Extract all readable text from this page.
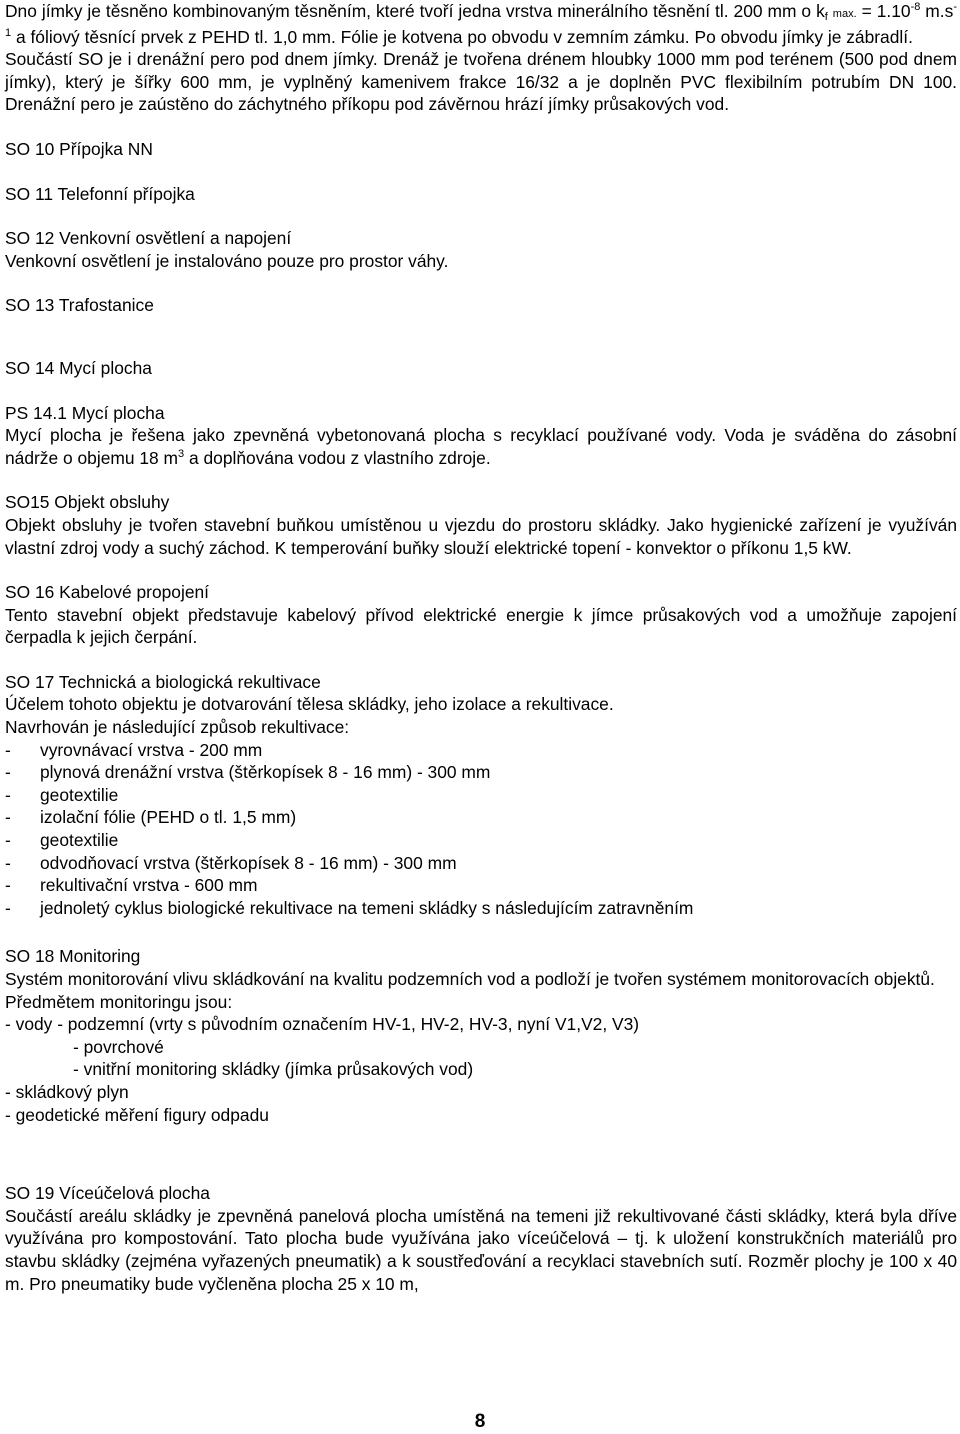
Dno jímky je těsněno kombinovaným těsněním, které tvoří jedna vrstva minerálního těsnění tl. 200 mm o $k_f$ max. = $1.10^{-8}$ $m.s^{-1}$ a fóliový těsnící prvek z PEHD tl. 1,0 mm. Fólie je kotvena po obvodu v zemním zámku. Po obvodu jímky je zábradlí.

Součástí SO je i drenážní pero pod dnem jímky. Drenáž je tvořena drénem hloubky 1000 mm pod terénem (500 pod dnem jímky), který je šířky 600 mm, je vyplněný kamenivem frakce 16/32 a je doplněn PVC flexibilním potrubím DN 100. Drenážní pero je zaústěno do záchytného příkopu pod závěrnou hrází jímky průsakových vod.

SO 10 Přípojka NN

SO 11 Telefonní přípojka

SO 12 Venkovní osvětlení a napojení

Venkovní osvětlení je instalováno pouze pro prostor váhy.

SO 13 Trafostanice

SO 14 Mycí plocha

PS 14.1 Mycí plocha

Mycí plocha je řešena jako zpevněná vybetonovaná plocha s recyklací používané vody. Voda je sváděna do zásobní nádrže o objemu 18 $m^3$ a doplňována vodou z vlastního zdroje.

SO15 Objekt obsluhy

Objekt obsluhy je tvořen stavební buňkou umístěnou u vjezdu do prostoru skládky. Jako hygienické zařízení je využíván vlastní zdroj vody a suchý záchod. K temperování buňky slouží elektrické topení - konvektor o příkonu 1,5 kW.

SO 16 Kabelové propojení

Tento stavební objekt představuje kabelový přívod elektrické energie k jímce průsakových vod a umožňuje zapojení čerpadla k jejich čerpání.

SO 17 Technická a biologická rekultivace

Účelem tohoto objektu je dotvarování tělesa skládky, jeho izolace a rekultivace.

Navrhován je následující způsob rekultivace:

-	vyrovnávací vrstva - 200 mm
-	plynová drenážní vrstva (štěrkopísek 8 - 16 mm) - 300 mm
-	geotextilie
-	izolační fólie (PEHD o tl. 1,5 mm)
-	geotextilie
-	odvodňovací vrstva (štěrkopísek 8 - 16 mm) - 300 mm
-	rekultivační vrstva - 600 mm
-	jednoletý cyklus biologické rekultivace na temeni skládky s následujícím zatravněním

SO 18 Monitoring

Systém monitorování vlivu skládkování na kvalitu podzemních vod a podloží je tvořen systémem monitorovacích objektů.

Předmětem monitoringu jsou:

- vody - podzemní (vrty s původním označením HV-1, HV-2, HV-3, nyní V1,V2, V3)

- povrchové

- vnitřní monitoring skládky (jímka průsakových vod)

- skládkový plyn

- geodetické měření figury odpadu

SO 19 Víceúčelová plocha

Součástí areálu skládky je zpevněná panelová plocha umístěná na temeni již rekultivované části skládky, která byla dříve využívána pro kompostování. Tato plocha bude využívána jako víceúčelová – tj. k uložení konstrukčních materiálů pro stavbu skládky (zejména vyřazených pneumatik) a k soustřeďování a recyklaci stavebních sutí. Rozměr plochy je 100 x 40 m. Pro pneumatiky bude vyčleněna plocha 25 x 10 m,

8
